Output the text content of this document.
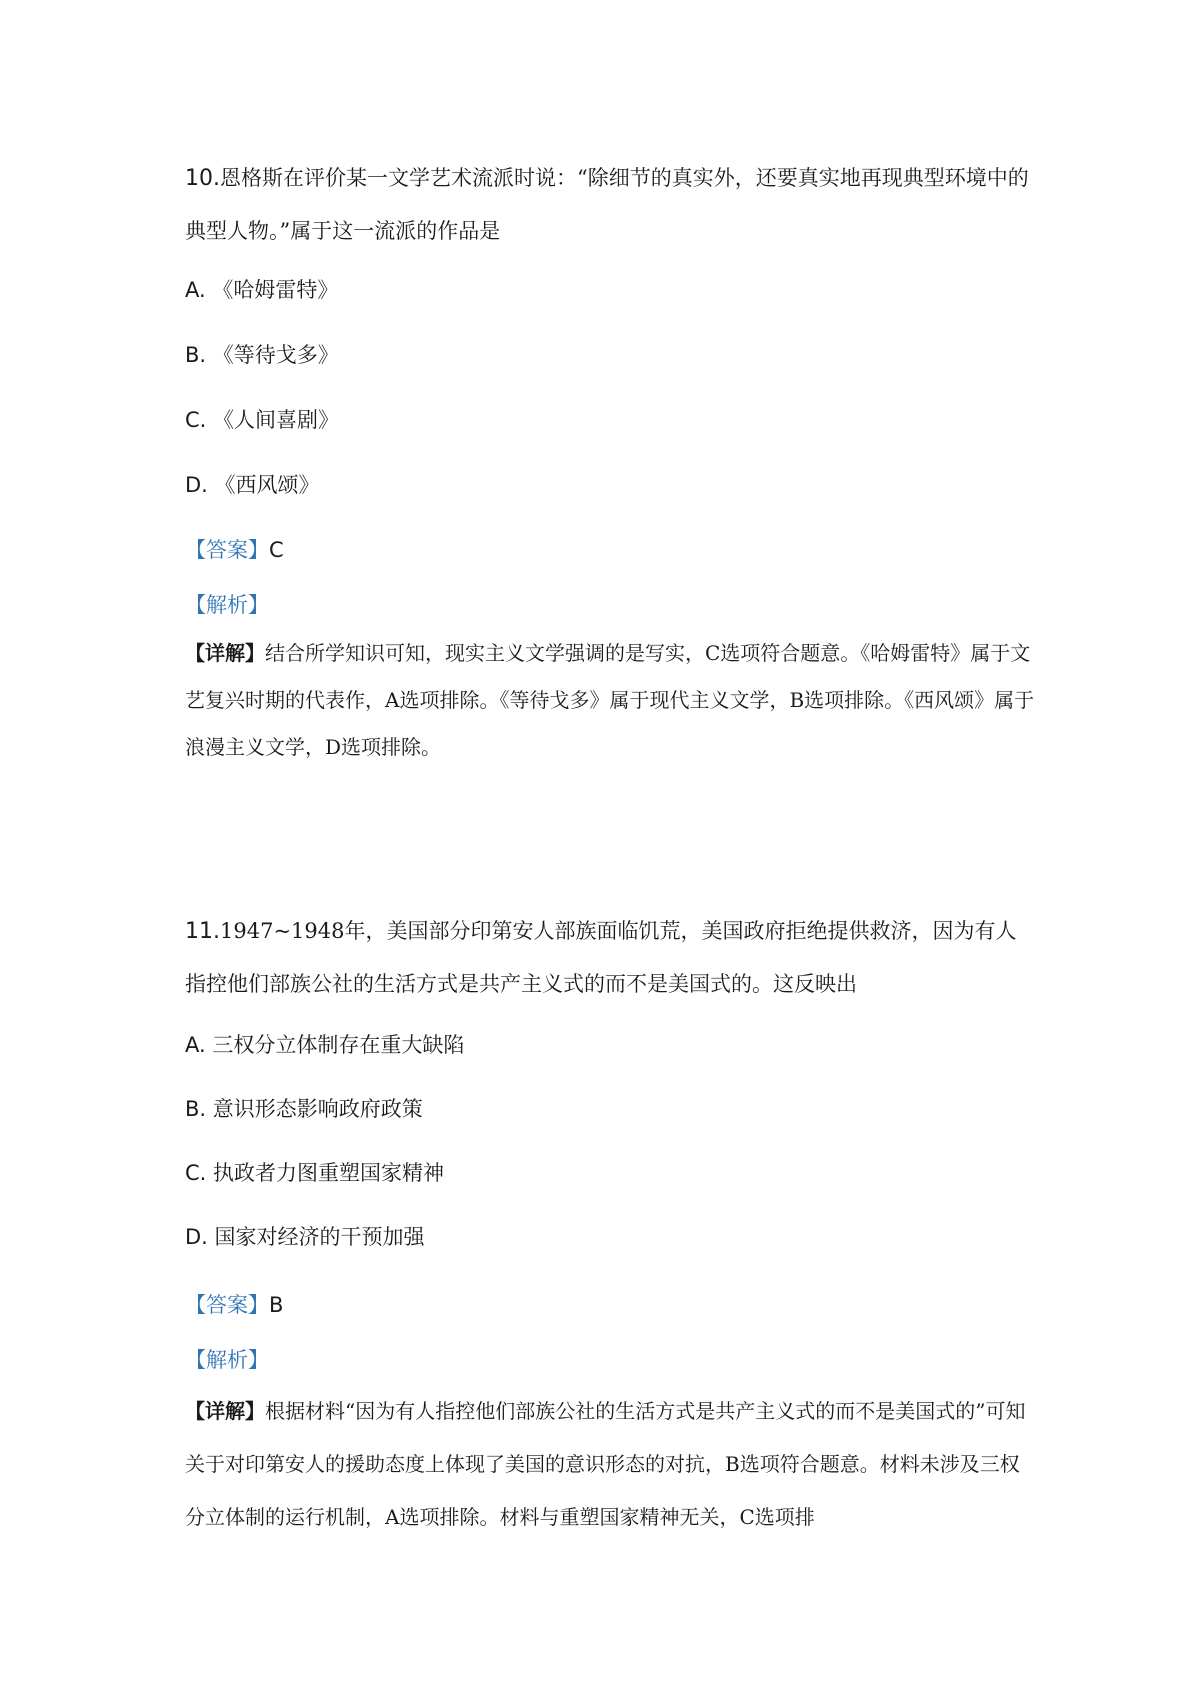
10.恩格斯在评价某一文学艺术流派时说：“除细节的真实外，还要真实地再现典型环境中的典型人物。”属于这一流派的作品是

A. 《哈姆雷特》
B. 《等待戈多》
C. 《人间喜剧》
D. 《西风颂》
【答案】C
【解析】

【详解】结合所学知识可知，现实主义文学强调的是写实，C选项符合题意。《哈姆雷特》属于文艺复兴时期的代表作，A选项排除。《等待戈多》属于现代主义文学，B选项排除。《西风颂》属于浪漫主义文学，D选项排除。

11.1947~1948年，美国部分印第安人部族面临饥荒，美国政府拒绝提供救济，因为有人指控他们部族公社的生活方式是共产主义式的而不是美国式的。这反映出

A. 三权分立体制存在重大缺陷
B. 意识形态影响政府政策
C. 执政者力图重塑国家精神
D. 国家对经济的干预加强
【答案】B
【解析】

【详解】根据材料“因为有人指控他们部族公社的生活方式是共产主义式的而不是美国式的”可知关于对印第安人的援助态度上体现了美国的意识形态的对抗，B选项符合题意。材料未涉及三权分立体制的运行机制，A选项排除。材料与重塑国家精神无关，C选项排
